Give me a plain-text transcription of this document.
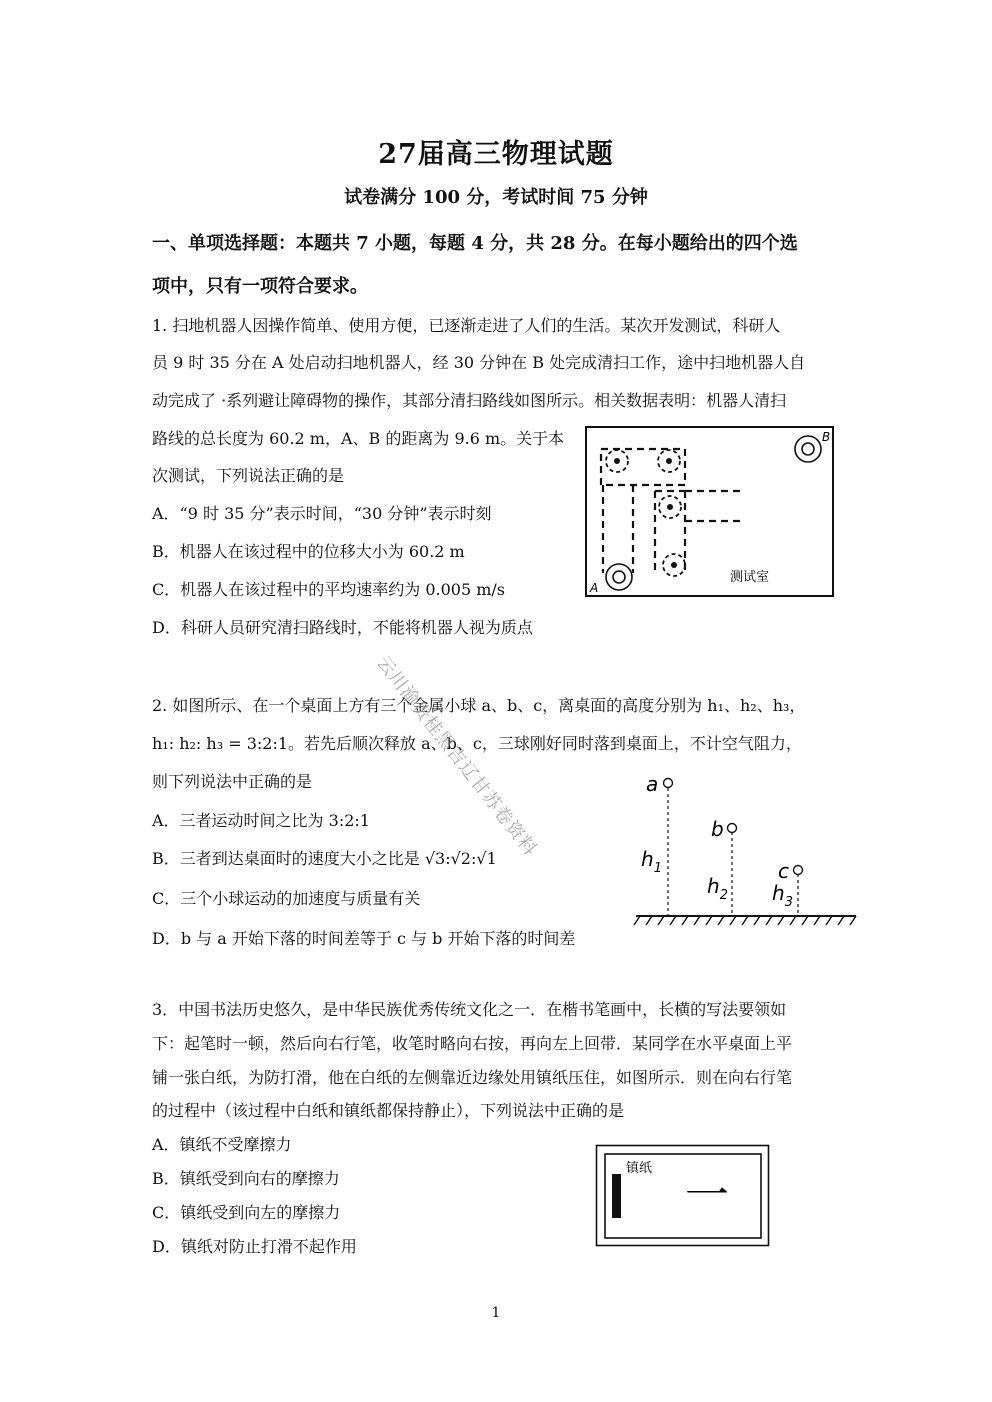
27届高三物理试题
试卷满分 100 分，考试时间 75 分钟
一、单项选择题：本题共 7 小题，每题 4 分，共 28 分。在每小题给出的四个选
项中，只有一项符合要求。
1. 扫地机器人因操作简单、使用方便，已逐渐走进了人们的生活。某次开发测试，科研人
员 9 时 35 分在 A 处启动扫地机器人，经 30 分钟在 B 处完成清扫工作，途中扫地机器人自
动完成了 ·系列避让障碍物的操作，其部分清扫路线如图所示。相关数据表明：机器人清扫
路线的总长度为 60.2 m，A、B 的距离为 9.6 m。关于本
次测试，下列说法正确的是
A．“9 时 35 分”表示时间，“30 分钟”表示时刻
B．机器人在该过程中的位移大小为 60.2 m
C．机器人在该过程中的平均速率约为 0.005 m/s
D．科研人员研究清扫路线时，不能将机器人视为质点
A
B
测试室
2. 如图所示、在一个桌面上方有三个金属小球 a、b、c，离桌面的高度分别为 h₁、h₂、h₃，
h₁: h₂: h₃ = 3:2:1。若先后顺次释放 a、b、c，三球刚好同时落到桌面上，不计空气阻力，
则下列说法中正确的是
A．三者运动时间之比为 3:2:1
B．三者到达桌面时的速度大小之比是 √3:√2:√1
C．三个小球运动的加速度与质量有关
D．b 与 a 开始下落的时间差等于 c 与 b 开始下落的时间差
a
b
c
$h_1$
$h_2$ $h_3$
3．中国书法历史悠久，是中华民族优秀传统文化之一．在楷书笔画中，长横的写法要领如
下：起笔时一顿，然后向右行笔，收笔时略向右按，再向左上回带．某同学在水平桌面上平
铺一张白纸，为防打滑，他在白纸的左侧靠近边缘处用镇纸压住，如图所示．则在向右行笔
的过程中（该过程中白纸和镇纸都保持静止），下列说法中正确的是
A．镇纸不受摩擦力
B．镇纸受到向右的摩擦力
C．镇纸受到向左的摩擦力
D．镇纸对防止打滑不起作用
镇纸
一
云川渝贵桂黑吉辽甘苏卷资料
1
